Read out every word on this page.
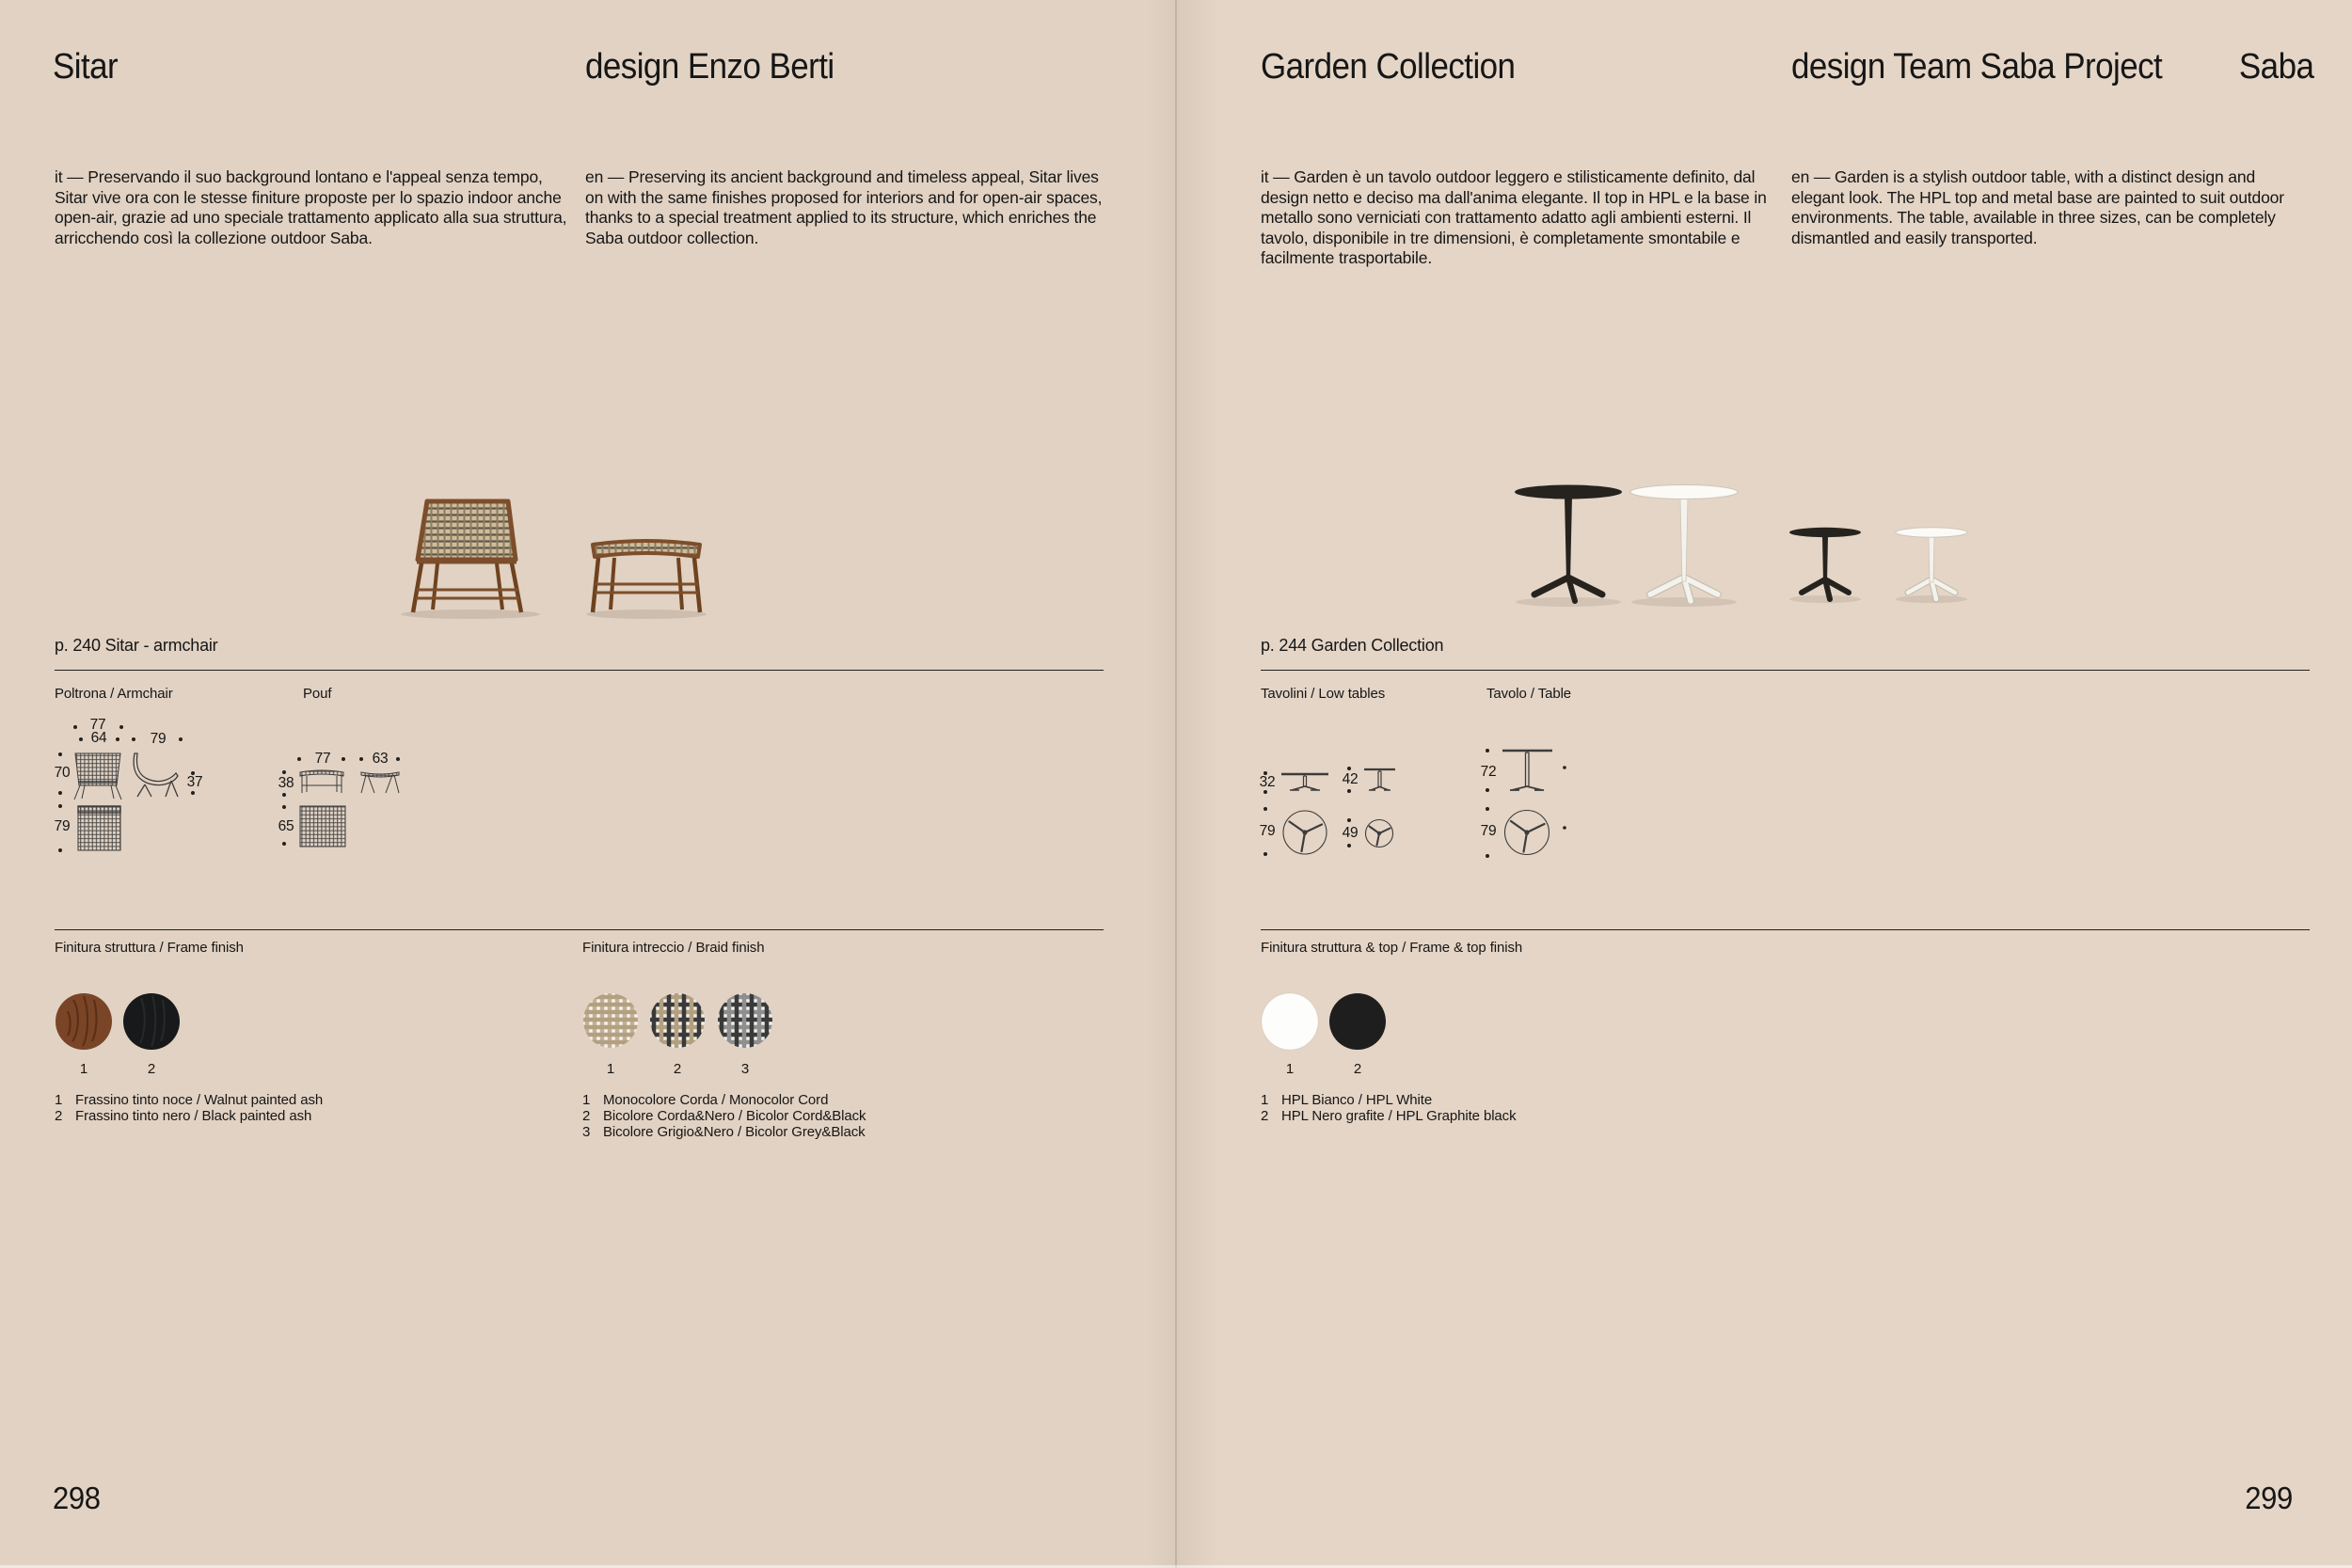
Sitar	design Enzo Berti

it — Preservando il suo background lontano e l'appeal senza tempo, Sitar vive ora con le stesse finiture proposte per lo spazio indoor anche open-air, grazie ad uno speciale trattamento applicato alla sua struttura, arricchendo così la collezione outdoor Saba.

en — Preserving its ancient background and timeless appeal, Sitar lives on with the same finishes proposed for interiors and for open-air spaces, thanks to a special treatment applied to its structure, which enriches the Saba outdoor collection.

p. 240 Sitar - armchair
Poltrona / Armchair	Pouf
77
64	79
70
37
79
77	63
38
65
Finitura struttura / Frame finish
1	2
1 Frassino tinto noce / Walnut painted ash
2 Frassino tinto nero / Black painted ash
Finitura intreccio / Braid finish
1	2	3
1 Monocolore Corda / Monocolor Cord
2 Bicolore Corda&Nero / Bicolor Cord&Black
3 Bicolore Grigio&Nero / Bicolor Grey&Black
298
Garden Collection	design Team Saba Project Saba

it — Garden è un tavolo outdoor leggero e stilisticamente definito, dal design netto e deciso ma dall'anima elegante. Il top in HPL e la base in metallo sono verniciati con trattamento adatto agli ambienti esterni. Il tavolo, disponibile in tre dimensioni, è completamente smontabile e facilmente trasportabile.

en — Garden is a stylish outdoor table, with a distinct design and elegant look. The HPL top and metal base are painted to suit outdoor environments. The table, available in three sizes, can be completely dismantled and easily transported.

p. 244 Garden Collection
Tavolini / Low tables	Tavolo / Table
32
79
42
49
72
79
Finitura struttura & top / Frame & top finish
1	2
1 HPL Bianco / HPL White
2 HPL Nero grafite / HPL Graphite black
299
